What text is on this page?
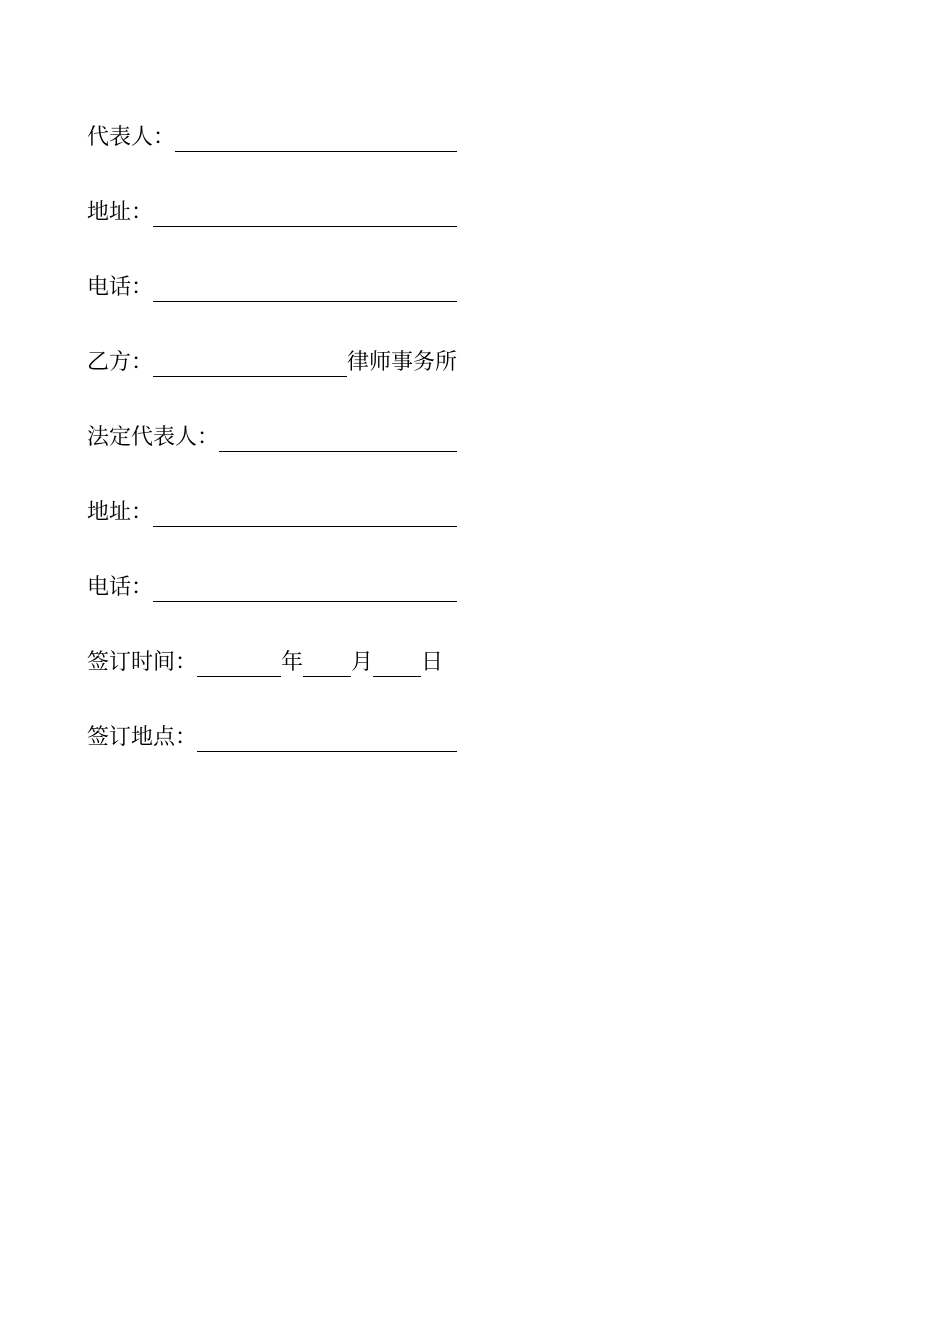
代表人：
地址：
电话：
乙方：	律师事务所
法定代表人：
地址：
电话：
签订时间：	年 月 日
签订地点：
